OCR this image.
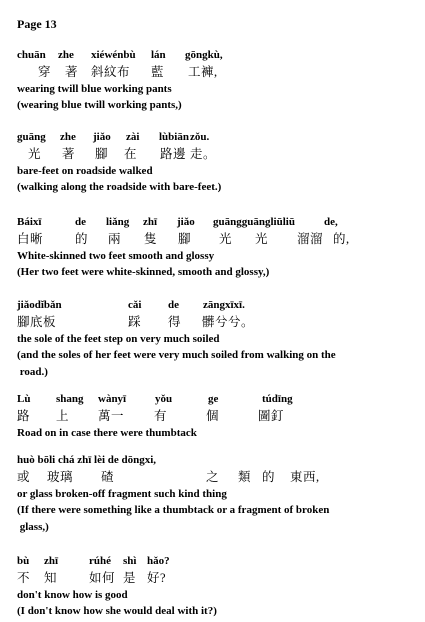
Page 13
chuān zhe xiéwénbù lán gōngkù,
穿 著 斜紋布 藍 工褲,
wearing twill blue working pants
(wearing blue twill working pants,)
guāng zhe jiǎo zài lùbiān zǒu.
光 著 腳 在 路邊 走。
bare-feet on roadside walked
(walking along the roadside with bare-feet.)
Báixī	de liǎng zhī jiǎo guāngguāngliūliū	de,
白晰	的 兩 隻 腳 光 光 溜溜 的,
White-skinned two feet smooth and glossy
(Her two feet were white-skinned, smooth and glossy,)
jiǎodǐbǎn	cǎi de zāngxīxī.
腳底板	踩 得 髒兮兮。
the sole of the feet step on very much soiled
(and the soles of her feet were very much soiled from walking on the
road.)
Lù shang wànyī	yǒu	ge	túdīng
路 上 萬一 有	個	圖釘
Road on in case there were thumbtack
huò bōli chá zhī lèi de dōngxi,
或 玻璃 碴	之 類 的 東西,
or glass broken-off fragment such kind thing
(If there were something like a thumbtack or a fragment of broken
glass,)
bù zhī	rúhé shì hǎo?
不 知	如何 是 好?
don't know how is good
(I don't know how she would deal with it?)
